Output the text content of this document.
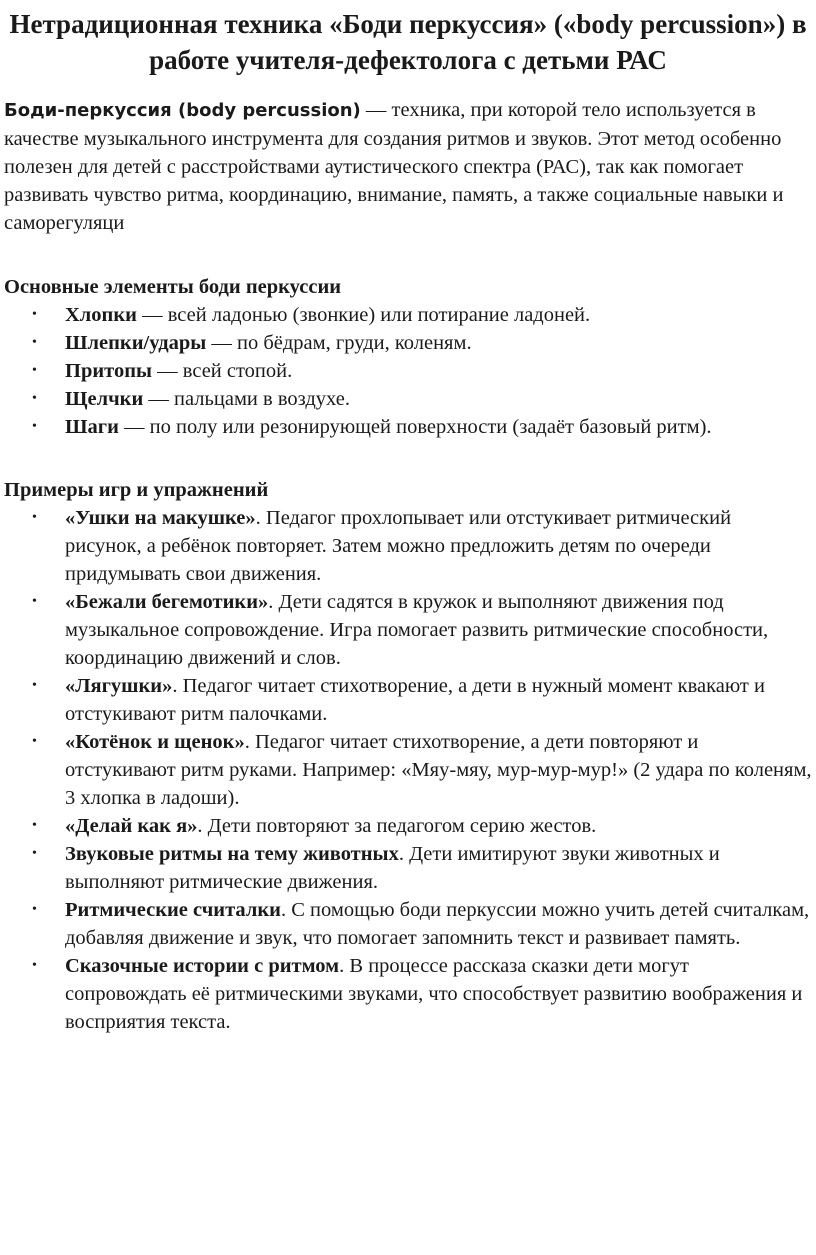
Нетрадиционная техника «Боди перкуссия» («body percussion») в работе учителя-дефектолога с детьми РАС

Боди-перкуссия (body percussion) — техника, при которой тело используется в качестве музыкального инструмента для создания ритмов и звуков. Этот метод особенно полезен для детей с расстройствами аутистического спектра (РАС), так как помогает развивать чувство ритма, координацию, внимание, память, а также социальные навыки и саморегуляци

Основные элементы боди перкуссии
• Хлопки — всей ладонью (звонкие) или потирание ладоней.
• Шлепки/удары — по бёдрам, груди, коленям.
• Притопы — всей стопой.
• Щелчки — пальцами в воздухе.
• Шаги — по полу или резонирующей поверхности (задаёт базовый ритм).
Примеры игр и упражнений
• «Ушки на макушке». Педагог прохлопывает или отстукивает ритмический рисунок, а ребёнок повторяет. Затем можно предложить детям по очереди придумывать свои движения.
• «Бежали бегемотики». Дети садятся в кружок и выполняют движения под музыкальное сопровождение. Игра помогает развить ритмические способности, координацию движений и слов.
• «Лягушки». Педагог читает стихотворение, а дети в нужный момент квакают и отстукивают ритм палочками.
• «Котёнок и щенок». Педагог читает стихотворение, а дети повторяют и отстукивают ритм руками. Например: «Мяу-мяу, мур-мур-мур!» (2 удара по коленям, 3 хлопка в ладоши).
• «Делай как я». Дети повторяют за педагогом серию жестов.
• Звуковые ритмы на тему животных. Дети имитируют звуки животных и выполняют ритмические движения.
• Ритмические считалки. С помощью боди перкуссии можно учить детей считалкам, добавляя движение и звук, что помогает запомнить текст и развивает память.
• Сказочные истории с ритмом. В процессе рассказа сказки дети могут сопровождать её ритмическими звуками, что способствует развитию воображения и восприятия текста.
